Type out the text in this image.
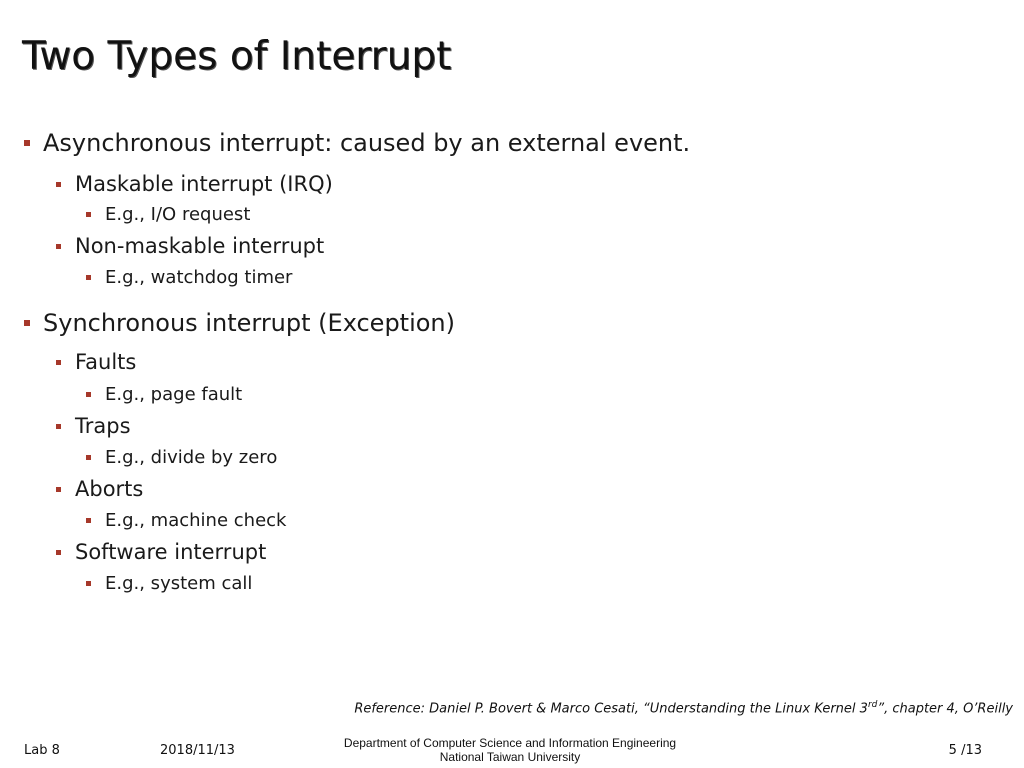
Two Types of Interrupt
Asynchronous interrupt: caused by an external event.
Maskable interrupt (IRQ)
E.g., I/O request
Non-maskable interrupt
E.g., watchdog timer
Synchronous interrupt (Exception)
Faults
E.g., page fault
Traps
E.g., divide by zero
Aborts
E.g., machine check
Software interrupt
E.g., system call
Reference: Daniel P. Bovert & Marco Cesati, “Understanding the Linux Kernel 3rd”, chapter 4, O’Reilly
Lab 8	2018/11/13	Department of Computer Science and Information Engineering
National Taiwan University	5 /13
